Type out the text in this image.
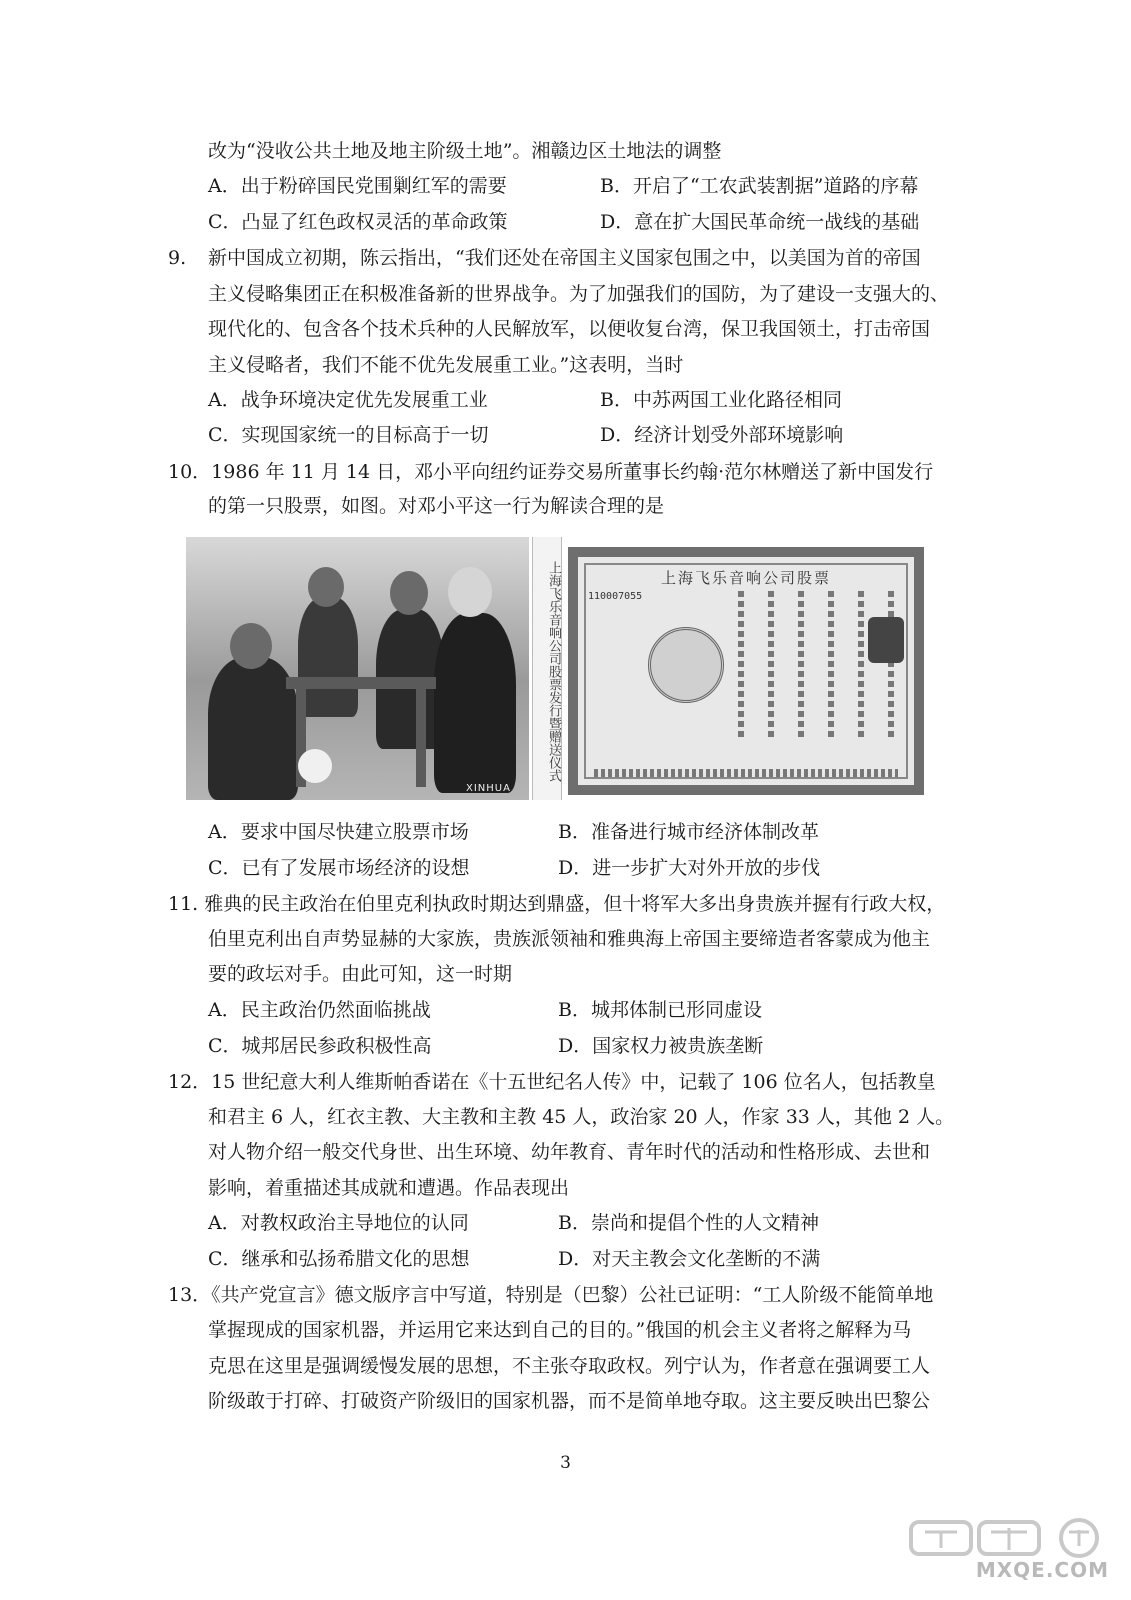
改为“没收公共土地及地主阶级土地”。湘赣边区土地法的调整
A．出于粉碎国民党围剿红军的需要	B．开启了“工农武装割据”道路的序幕
C．凸显了红色政权灵活的革命政策	D．意在扩大国民革命统一战线的基础
9. 新中国成立初期，陈云指出，“我们还处在帝国主义国家包围之中，以美国为首的帝国
主义侵略集团正在积极准备新的世界战争。为了加强我们的国防，为了建设一支强大的、
现代化的、包含各个技术兵种的人民解放军，以便收复台湾，保卫我国领土，打击帝国
主义侵略者，我们不能不优先发展重工业。”这表明，当时
A．战争环境决定优先发展重工业	B．中苏两国工业化路径相同
C．实现国家统一的目标高于一切	D．经济计划受外部环境影响
10．1986 年 11 月 14 日，邓小平向纽约证券交易所董事长约翰·范尔林赠送了新中国发行
的第一只股票，如图。对邓小平这一行为解读合理的是
XINHUA
上海飞乐音响公司股票发行暨赠送仪式	上海飞乐音响公司股票
110007055
A．要求中国尽快建立股票市场	B．准备进行城市经济体制改革
C．已有了发展市场经济的设想	D．进一步扩大对外开放的步伐
11. 雅典的民主政治在伯里克利执政时期达到鼎盛，但十将军大多出身贵族并握有行政大权，
伯里克利出自声势显赫的大家族，贵族派领袖和雅典海上帝国主要缔造者客蒙成为他主
要的政坛对手。由此可知，这一时期
A．民主政治仍然面临挑战	B．城邦体制已形同虚设
C．城邦居民参政积极性高	D．国家权力被贵族垄断
12．15 世纪意大利人维斯帕香诺在《十五世纪名人传》中，记载了 106 位名人，包括教皇
和君主 6 人，红衣主教、大主教和主教 45 人，政治家 20 人，作家 33 人，其他 2 人。
对人物介绍一般交代身世、出生环境、幼年教育、青年时代的活动和性格形成、去世和
影响，着重描述其成就和遭遇。作品表现出
A．对教权政治主导地位的认同	B．崇尚和提倡个性的人文精神
C．继承和弘扬希腊文化的思想	D．对天主教会文化垄断的不满
13．《共产党宣言》德文版序言中写道，特别是（巴黎）公社已证明：“工人阶级不能简单地
掌握现成的国家机器，并运用它来达到自己的目的。”俄国的机会主义者将之解释为马
克思在这里是强调缓慢发展的思想，不主张夺取政权。列宁认为，作者意在强调要工人
阶级敢于打碎、打破资产阶级旧的国家机器，而不是简单地夺取。这主要反映出巴黎公
3
MXQE.COM
